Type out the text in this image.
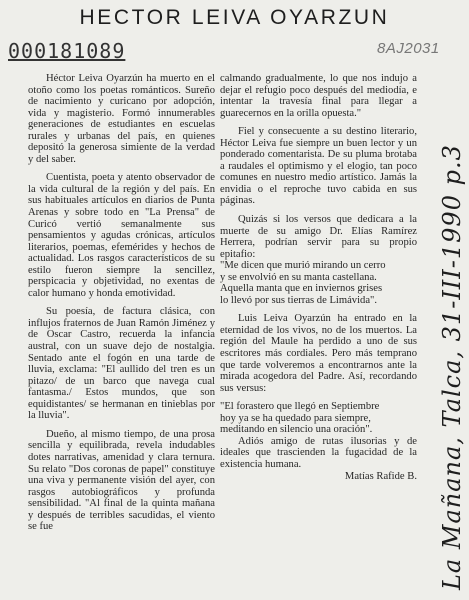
HECTOR LEIVA OYARZUN
000181089	8AJ2031

Héctor Leiva Oyarzún ha muerto en el otoño como los poetas románticos. Sureño de nacimiento y curicano por adopción, vida y magisterio. Formó innumerables generaciones de estudiantes en escuelas rurales y urbanas del país, en quienes depositó la generosa simiente de la verdad y del saber.

Cuentista, poeta y atento observador de la vida cultural de la región y del país. En sus habituales artículos en diarios de Punta Arenas y sobre todo en "La Prensa" de Curicó vertió semanalmente sus pensamientos y agudas crónicas, artículos literarios, poemas, efemérides y hechos de actualidad. Los rasgos característicos de su estilo fueron siempre la sencillez, perspicacia y objetividad, no exentas de calor humano y honda emotividad.

Su poesía, de factura clásica, con influjos fraternos de Juan Ramón Jiménez y de Oscar Castro, recuerda la infancia austral, con un suave dejo de nostalgia. Sentado ante el fogón en una tarde de lluvia, exclama: "El aullido del tren es un pitazo/ de un barco que navega cual fantasma./ Estos mundos, que son equidistantes/ se hermanan en tinieblas por la lluvia".

Dueño, al mismo tiempo, de una prosa sencilla y equilibrada, revela indudables dotes narrativas, amenidad y clara ternura. Su relato "Dos coronas de papel" constituye una viva y permanente visión del ayer, con rasgos autobiográficos y profunda sensibilidad. "Al final de la quinta mañana y después de terribles sacudidas, el viento se fue

calmando gradualmente, lo que nos indujo a dejar el refugio poco después del mediodía, e intentar la travesía final para llegar a guarecernos en la orilla opuesta."

Fiel y consecuente a su destino literario, Héctor Leiva fue siempre un buen lector y un ponderado comentarista. De su pluma brotaba a raudales el optimismo y el elogio, tan poco comunes en nuestro medio artístico. Jamás la envidia o el reproche tuvo cabida en sus páginas.

Quizás si los versos que dedicara a la muerte de su amigo Dr. Elías Ramírez Herrera, podrían servir para su propio epitafio:

"Me dicen que murió mirando un cerro

y se envolvió en su manta castellana.

Aquella manta que en inviernos grises

lo llevó por sus tierras de Limávida".

Luis Leiva Oyarzún ha entrado en la eternidad de los vivos, no de los muertos. La región del Maule ha perdido a uno de sus escritores más cordiales. Pero más temprano que tarde volveremos a encontrarnos ante la mirada acogedora del Padre. Así, recordando sus versus:

"El forastero que llegó en Septiembre

hoy ya se ha quedado para siempre,

meditando en silencio una oración".

Adiós amigo de rutas ilusorias y de ideales que trascienden la fugacidad de la existencia humana.

Matías Rafide B. La Mañana, Talca, 31-III-1990 p.3
